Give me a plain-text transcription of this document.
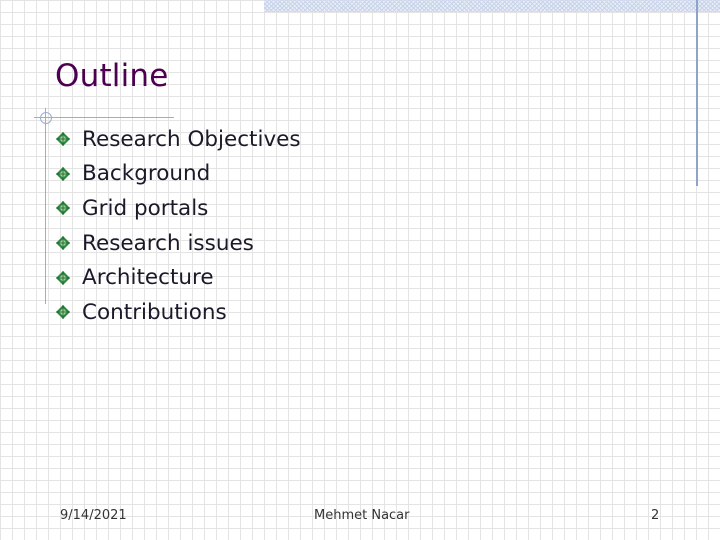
Outline
Research Objectives
Background
Grid portals
Research issues
Architecture
Contributions
9/14/2021	Mehmet Nacar	2
